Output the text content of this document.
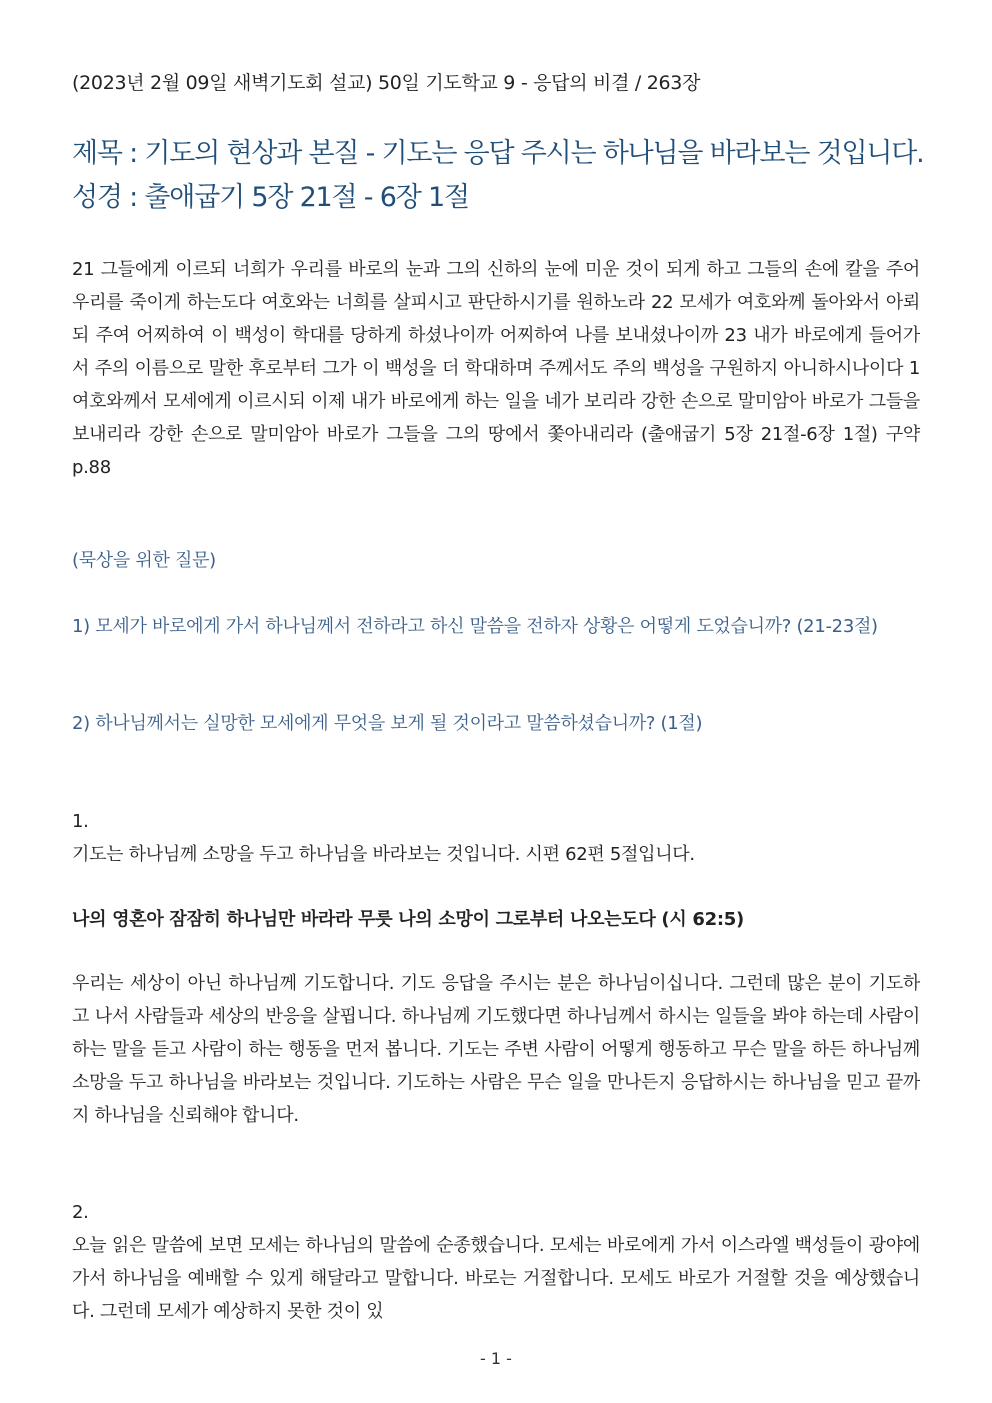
(2023년 2월 09일 새벽기도회 설교) 50일 기도학교 9 - 응답의 비결 / 263장
제목 : 기도의 현상과 본질 - 기도는 응답 주시는 하나님을 바라보는 것입니다.
성경 : 출애굽기 5장 21절 - 6장 1절
21 그들에게 이르되 너희가 우리를 바로의 눈과 그의 신하의 눈에 미운 것이 되게 하고 그들의 손에 칼을 주어 우리를 죽이게 하는도다 여호와는 너희를 살피시고 판단하시기를 원하노라 22 모세가 여호와께 돌아와서 아뢰되 주여 어찌하여 이 백성이 학대를 당하게 하셨나이까 어찌하여 나를 보내셨나이까 23 내가 바로에게 들어가서 주의 이름으로 말한 후로부터 그가 이 백성을 더 학대하며 주께서도 주의 백성을 구원하지 아니하시나이다 1 여호와께서 모세에게 이르시되 이제 내가 바로에게 하는 일을 네가 보리라 강한 손으로 말미암아 바로가 그들을 보내리라 강한 손으로 말미암아 바로가 그들을 그의 땅에서 쫓아내리라 (출애굽기 5장 21절-6장 1절) 구약 p.88
(묵상을 위한 질문)
1) 모세가 바로에게 가서 하나님께서 전하라고 하신 말씀을 전하자 상황은 어떻게 도었습니까? (21-23절)
2) 하나님께서는 실망한 모세에게 무엇을 보게 될 것이라고 말씀하셨습니까? (1절)
1.
기도는 하나님께 소망을 두고 하나님을 바라보는 것입니다. 시편 62편 5절입니다.
나의 영혼아 잠잠히 하나님만 바라라 무릇 나의 소망이 그로부터 나오는도다 (시 62:5)
우리는 세상이 아닌 하나님께 기도합니다. 기도 응답을 주시는 분은 하나님이십니다. 그런데 많은 분이 기도하고 나서 사람들과 세상의 반응을 살핍니다. 하나님께 기도했다면 하나님께서 하시는 일들을 봐야 하는데 사람이 하는 말을 듣고 사람이 하는 행동을 먼저 봅니다. 기도는 주변 사람이 어떻게 행동하고 무슨 말을 하든 하나님께 소망을 두고 하나님을 바라보는 것입니다. 기도하는 사람은 무슨 일을 만나든지 응답하시는 하나님을 믿고 끝까지 하나님을 신뢰해야 합니다.
2.
오늘 읽은 말씀에 보면 모세는 하나님의 말씀에 순종했습니다. 모세는 바로에게 가서 이스라엘 백성들이 광야에 가서 하나님을 예배할 수 있게 해달라고 말합니다. 바로는 거절합니다. 모세도 바로가 거절할 것을 예상했습니다. 그런데 모세가 예상하지 못한 것이 있
- 1 -
